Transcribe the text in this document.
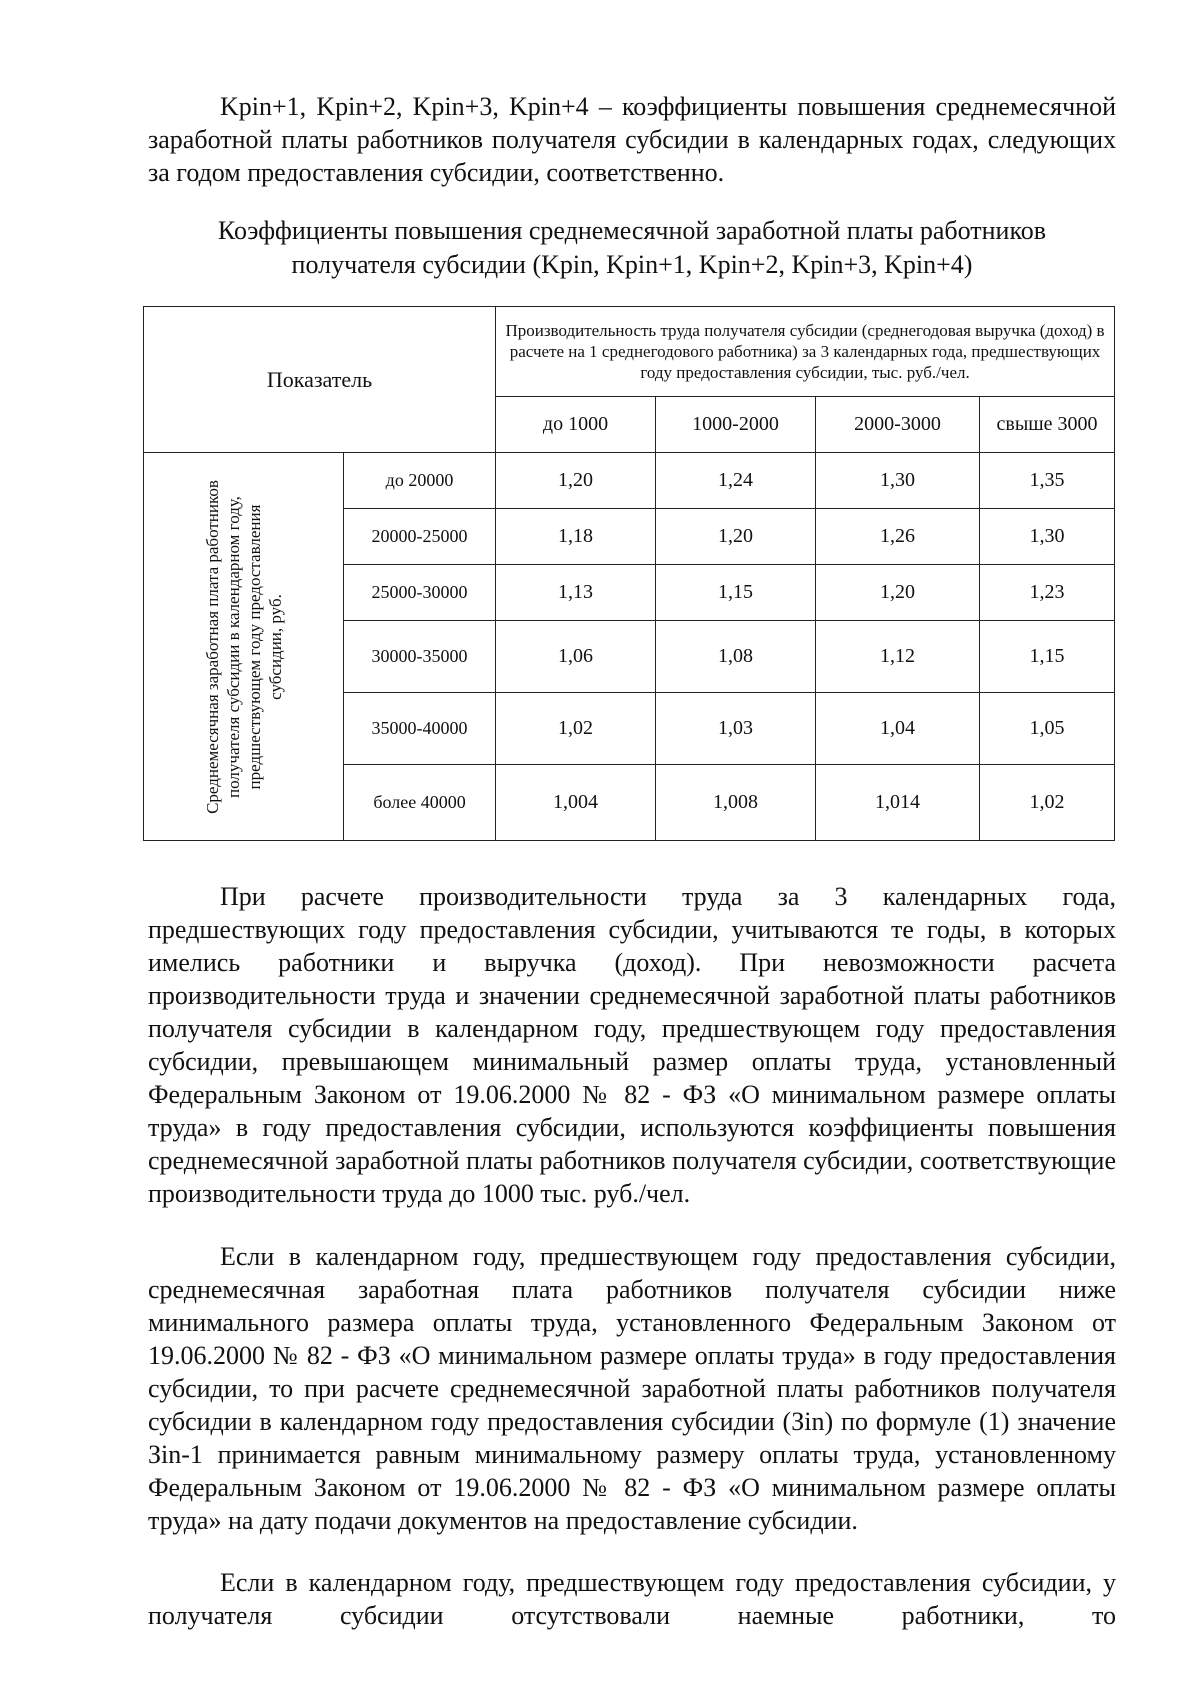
Kpin+1, Kpin+2, Kpin+3, Kpin+4 – коэффициенты повышения среднемесячной заработной платы работников получателя субсидии в календарных годах, следующих за годом предоставления субсидии, соответственно.
Коэффициенты повышения среднемесячной заработной платы работников
получателя субсидии (Kpin, Kpin+1, Kpin+2, Kpin+3, Kpin+4)
Показатель		Производительность труда получателя субсидии (среднегодовая выручка (доход) в расчете на 1 среднегодового работника) за 3 календарных года, предшествующих году предоставления субсидии, тыс. руб./чел.			
		до 1000	1000-2000	2000-3000	свыше 3000

Среднемесячная заработная плата работников получателя субсидии в календарном году, предшествующем году предоставления субсидии, руб.	до 20000	1,20	1,24	1,30	1,35
	20000-25000	1,18	1,20	1,26	1,30
	25000-30000	1,13	1,15	1,20	1,23
	30000-35000	1,06	1,08	1,12	1,15
	35000-40000	1,02	1,03	1,04	1,05
	более 40000	1,004	1,008	1,014	1,02
При расчете производительности труда за 3 календарных года, предшествующих году предоставления субсидии, учитываются те годы, в которых имелись работники и выручка (доход). При невозможности расчета производительности труда и значении среднемесячной заработной платы работников получателя субсидии в календарном году, предшествующем году предоставления субсидии, превышающем минимальный размер оплаты труда, установленный Федеральным Законом от 19.06.2000 № 82 - ФЗ «О минимальном размере оплаты труда» в году предоставления субсидии, используются коэффициенты повышения среднемесячной заработной платы работников получателя субсидии, соответствующие производительности труда до 1000 тыс. руб./чел.
Если в календарном году, предшествующем году предоставления субсидии, среднемесячная заработная плата работников получателя субсидии ниже минимального размера оплаты труда, установленного Федеральным Законом от 19.06.2000 № 82 - ФЗ «О минимальном размере оплаты труда» в году предоставления субсидии, то при расчете среднемесячной заработной платы работников получателя субсидии в календарном году предоставления субсидии (Зin) по формуле (1) значение Зin-1 принимается равным минимальному размеру оплаты труда, установленному Федеральным Законом от 19.06.2000 № 82 - ФЗ «О минимальном размере оплаты труда» на дату подачи документов на предоставление субсидии.
Если в календарном году, предшествующем году предоставления субсидии, у получателя субсидии отсутствовали наемные работники, то
